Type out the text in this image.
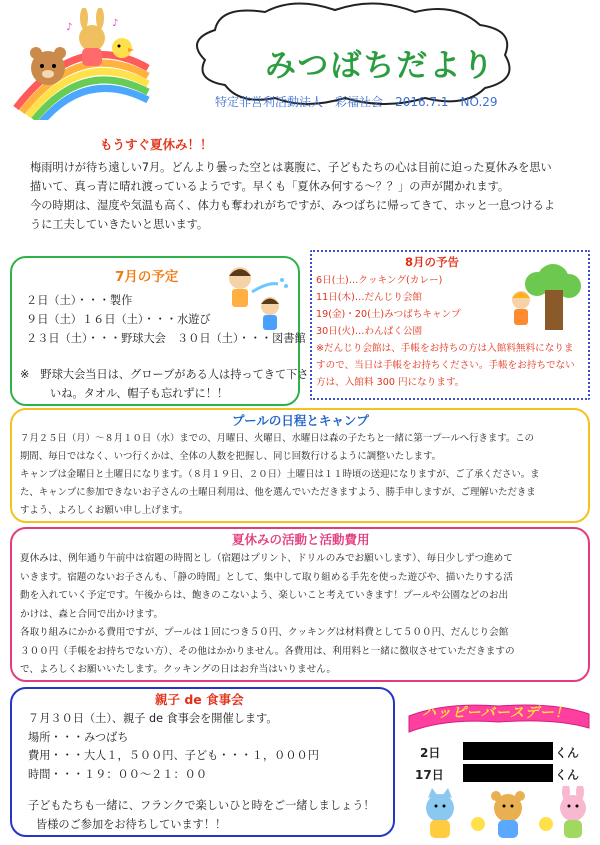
♪	♪
みつばちだより
特定非営利活動法人　 彩福社会　 2016.7.1　 NO.29
もうすぐ夏休み！！
梅雨明けが待ち遠しい7月。どんより曇った空とは裏腹に、子どもたちの心は目前に迫った夏休みを思い
描いて、真っ青に晴れ渡っているようです。早くも「夏休み何する～？？」の声が聞かれます。
今の時期は、湿度や気温も高く、体力も奪われがちですが、みつばちに帰ってきて、ホッと一息つけるよ
うに工夫していきたいと思います。
7月の予定
２日（土）・・・製作
９日（土）１６日（土）・・・水遊び
２３日（土）・・・野球大会　３０日（土）・・・図書館
※　野球大会当日は、グローブがある人は持ってきて下さ
いね。タオル、帽子も忘れずに！！
8月の予告
6日(土)…クッキング(カレー)
11日(木)…だんじり会館
19(金)・20(土)みつばちキャンプ
30日(火)…わんぱく公園
※だんじり会館は、手帳をお持ちの方は入館料無料になりま
すので、当日は手帳をお持ちください。手帳をお持ちでない
方は、入館料 300 円になります。
プールの日程とキャンプ
７月２５日（月）～８月１０日（水）までの、月曜日、火曜日、水曜日は森の子たちと一緒に第一プールへ行きます。この
期間、毎日ではなく、いつ行くかは、全体の人数を把握し、同じ回数行けるように調整いたします。
キャンプは金曜日と土曜日になります。（８月１９日、２０日）土曜日は１１時頃の送迎になりますが、ご了承ください。ま
た、キャンプに参加できないお子さんの土曜日利用は、他を選んでいただきますよう、勝手申しますが、ご理解いただきま
すよう、よろしくお願い申し上げます。
夏休みの活動と活動費用
夏休みは、例年通り午前中は宿題の時間とし（宿題はプリント、ドリルのみでお願いします）、毎日少しずつ進めて
いきます。宿題のないお子さんも、「静の時間」として、集中して取り組める手先を使った遊びや、描いたりする活
動を入れていく予定です。午後からは、飽きのこないよう、楽しいこと考えていきます！プールや公園などのお出
かけは、森と合同で出かけます。
各取り組みにかかる費用ですが、プールは１回につき５０円、クッキングは材料費として５００円、だんじり会館
３００円（手帳をお持ちでない方）、その他はかかりません。各費用は、利用料と一緒に徴収させていただきますの
で、よろしくお願いいたします。クッキングの日はお弁当はいりません。
親子 de 食事会
７月３０日（土）、親子 de 食事会を開催します。
場所・・・みつばち
費用・・・大人１，５００円、子ども・・・１，０００円
時間・・・１９：００～２１：００
子どもたちも一緒に、フランクで楽しいひと時をご一緒しましょう！
皆様のご参加をお待ちしています！！
ハッピーバースデー！
2日	くん
17日	くん
